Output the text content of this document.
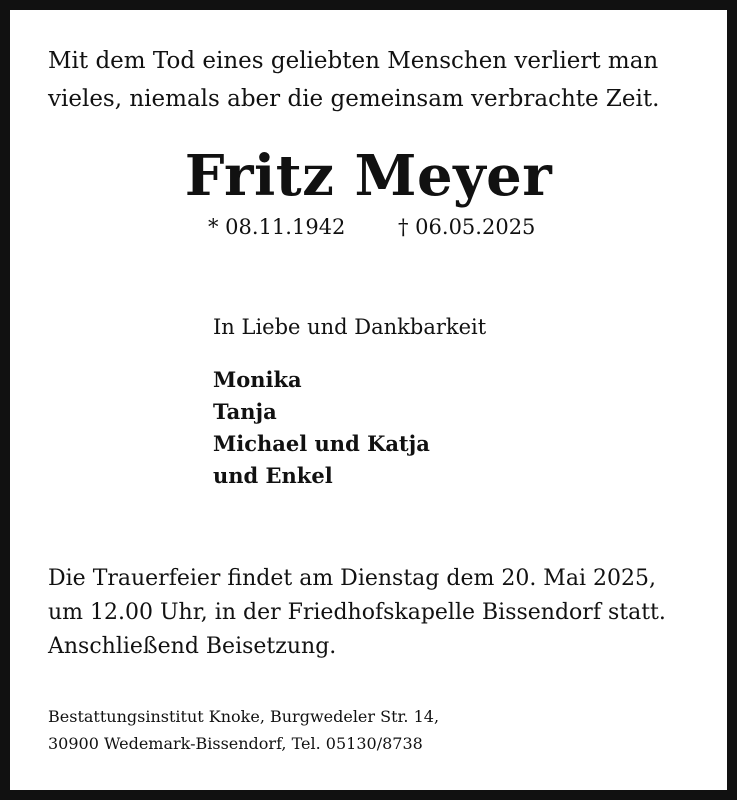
Mit dem Tod eines geliebten Menschen verliert man
vieles, niemals aber die gemeinsam verbrachte Zeit.
Fritz Meyer
* 08.11.1942	† 06.05.2025
In Liebe und Dankbarkeit
Monika
Tanja
Michael und Katja
und Enkel
Die Trauerfeier findet am Dienstag dem 20. Mai 2025,
um 12.00 Uhr, in der Friedhofskapelle Bissendorf statt.
Anschließend Beisetzung.
Bestattungsinstitut Knoke, Burgwedeler Str. 14,
30900 Wedemark-Bissendorf, Tel. 05130/8738
